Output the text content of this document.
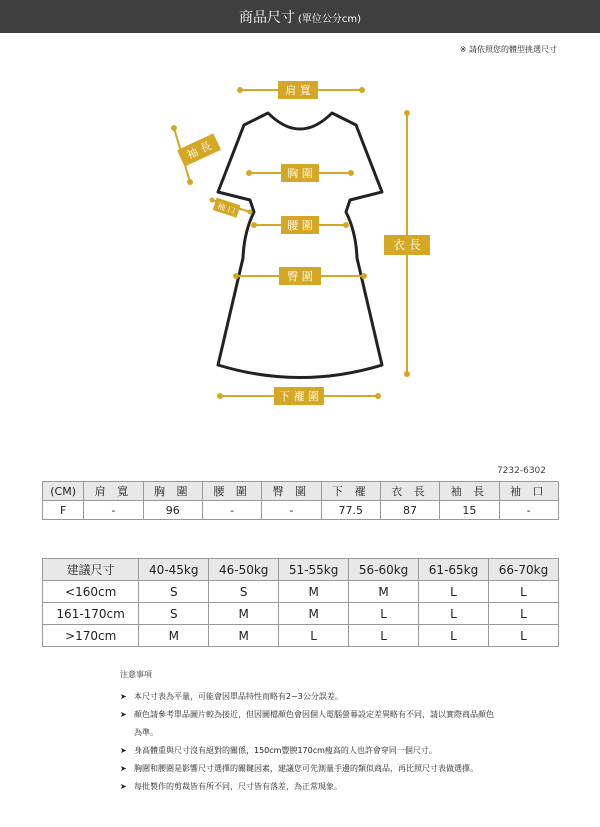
商品尺寸 (單位公分cm)
※ 請依照您的體型挑選尺寸
肩 寬
袖 長
胸 圍
袖 口
腰 圍
臀 圍
衣 長
下 襬 圍
7232-6302
(CM)	肩 寬	胸 圍	腰 圍	臀 圍	下 襬	衣 長	袖 長	袖 口
F	-	96	-	-	77.5	87	15	-
建議尺寸	40-45kg	46-50kg	51-55kg	56-60kg	61-65kg	66-70kg
<160cm	S	S	M	M	L	L
161-170cm	S	M	M	L	L	L
>170cm	M	M	L	L	L	L
注意事項
➤ 本尺寸表為平量，可能會因單品特性而略有2~3公分誤差。
➤ 顏色請參考單品圖片較為接近，但因圖檔顏色會因個人電腦螢幕設定差異略有不同，請以實際商品顏色為準。
➤ 身高體重與尺寸沒有絕對的關係，150cm豐腴170cm瘦高的人也許會穿同一個尺寸。
➤ 胸圍和腰圍是影響尺寸選擇的關鍵因素，建議您可先測量手邊的類似商品，再比照尺寸表做選擇。
➤ 每批製作的剪裁皆有所不同，尺寸皆有落差，為正常現象。
